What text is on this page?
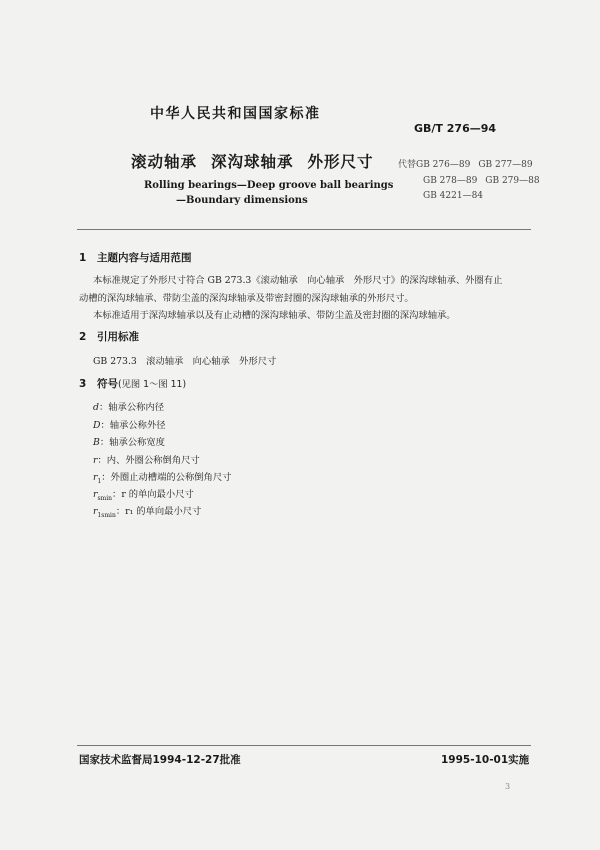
中华人民共和国国家标准
GB/T 276—94
滚动轴承 深沟球轴承 外形尺寸
Rolling bearings—Deep groove ball bearings
—Boundary dimensions
代替GB 276—89 GB 277—89
GB 278—89 GB 279—88
GB 4221—84
1 主题内容与适用范围
本标准规定了外形尺寸符合 GB 273.3《滚动轴承　向心轴承　外形尺寸》的深沟球轴承、外圈有止
动槽的深沟球轴承、带防尘盖的深沟球轴承及带密封圈的深沟球轴承的外形尺寸。
本标准适用于深沟球轴承以及有止动槽的深沟球轴承、带防尘盖及密封圈的深沟球轴承。
2 引用标准
GB 273.3　滚动轴承　向心轴承　外形尺寸
3 符号(见图 1～图 11)
d：轴承公称内径
D：轴承公称外径
B：轴承公称宽度
r：内、外圈公称倒角尺寸
$r_1$：外圈止动槽端的公称倒角尺寸
$r_{smin}$：r 的单向最小尺寸
$r_{1smin}$：r₁ 的单向最小尺寸
国家技术监督局1994-12-27批准	1995-10-01实施
3
